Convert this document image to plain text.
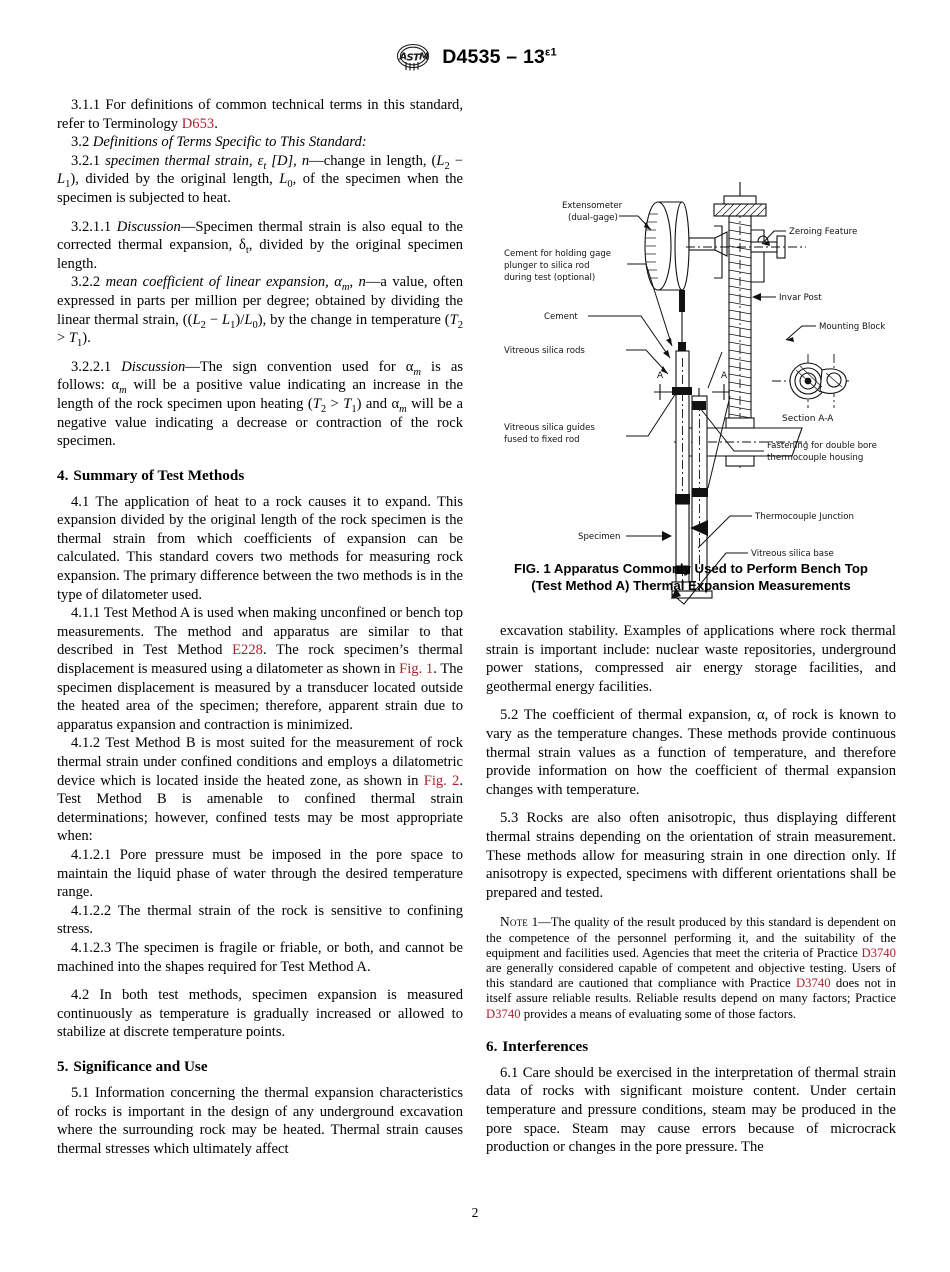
A S T M $D4535 - 13^{\varepsilon 1}$

3.1.1 For definitions of common technical terms in this standard, refer to Terminology D653.

3.2 Definitions of Terms Specific to This Standard:

3.2.1 specimen thermal strain, $\varepsilon_t$ [D], n—change in length, $(L_2 - L_1)$, divided by the original length, $L_0$, of the specimen when the specimen is subjected to heat.

3.2.1.1 Discussion—Specimen thermal strain is also equal to the corrected thermal expansion, $\delta_t$, divided by the original specimen length.

3.2.2 mean coefficient of linear expansion, $\alpha_m$, n—a value, often expressed in parts per million per degree; obtained by dividing the linear thermal strain, $((L_2 - L_1)/L_0)$, by the change in temperature $(T_2 > T_1)$.

3.2.2.1 Discussion—The sign convention used for $\alpha_m$ is as follows: $\alpha_m$ will be a positive value indicating an increase in the length of the rock specimen upon heating $(T_2 > T_1)$ and $\alpha_m$ will be a negative value indicating a decrease or contraction of the rock specimen.

4. Summary of Test Methods

4.1 The application of heat to a rock causes it to expand. This expansion divided by the original length of the rock specimen is the thermal strain from which coefficients of expansion can be calculated. This standard covers two methods for measuring rock expansion. The primary difference between the two methods is in the type of dilatometer used.

4.1.1 Test Method A is used when making unconfined or bench top measurements. The method and apparatus are similar to that described in Test Method E228. The rock specimen’s thermal displacement is measured using a dilatometer as shown in Fig. 1. The specimen displacement is measured by a transducer located outside the heated area of the specimen; therefore, apparent strain due to apparatus expansion and contraction is minimized.

4.1.2 Test Method B is most suited for the measurement of rock thermal strain under confined conditions and employs a dilatometric device which is located inside the heated zone, as shown in Fig. 2. Test Method B is amenable to confined thermal strain determinations; however, confined tests may be most appropriate when:

4.1.2.1 Pore pressure must be imposed in the pore space to maintain the liquid phase of water through the desired temperature range.

4.1.2.2 The thermal strain of the rock is sensitive to confining stress.

4.1.2.3 The specimen is fragile or friable, or both, and cannot be machined into the shapes required for Test Method A.

4.2 In both test methods, specimen expansion is measured continuously as temperature is gradually increased or allowed to stabilize at discrete temperature points.

5. Significance and Use

5.1 Information concerning the thermal expansion characteristics of rocks is important in the design of any underground excavation where the surrounding rock may be heated. Thermal strain causes thermal stresses which ultimately affect

Extensometer
(dual-gage)
Zeroing Feature
Cement for holding gage
plunger to silica rod
during test (optional)
Invar Post
Cement
Mounting Block
Vitreous silica rods
A	A
Section A-A
Vitreous silica guides
fused to fixed rod
Fastening for double bore
thermocouple housing
Specimen
Thermocouple Junction
Vitreous silica base
FIG. 1 Apparatus Commonly Used to Perform Bench Top (Test Method A) Thermal Expansion Measurements

excavation stability. Examples of applications where rock thermal strain is important include: nuclear waste repositories, underground power stations, compressed air energy storage facilities, and geothermal energy facilities.

5.2 The coefficient of thermal expansion, α, of rock is known to vary as the temperature changes. These methods provide continuous thermal strain values as a function of temperature, and therefore provide information on how the coefficient of thermal expansion changes with temperature.

5.3 Rocks are also often anisotropic, thus displaying different thermal strains depending on the orientation of strain measurement. These methods allow for measuring strain in one direction only. If anisotropy is expected, specimens with different orientations shall be prepared and tested.

Note 1—The quality of the result produced by this standard is dependent on the competence of the personnel performing it, and the suitability of the equipment and facilities used. Agencies that meet the criteria of Practice D3740 are generally considered capable of competent and objective testing. Users of this standard are cautioned that compliance with Practice D3740 does not in itself assure reliable results. Reliable results depend on many factors; Practice D3740 provides a means of evaluating some of those factors.

6. Interferences

6.1 Care should be exercised in the interpretation of thermal strain data of rocks with significant moisture content. Under certain temperature and pressure conditions, steam may be produced in the pore space. Steam may cause errors because of microcrack production or changes in the pore pressure. The

2
